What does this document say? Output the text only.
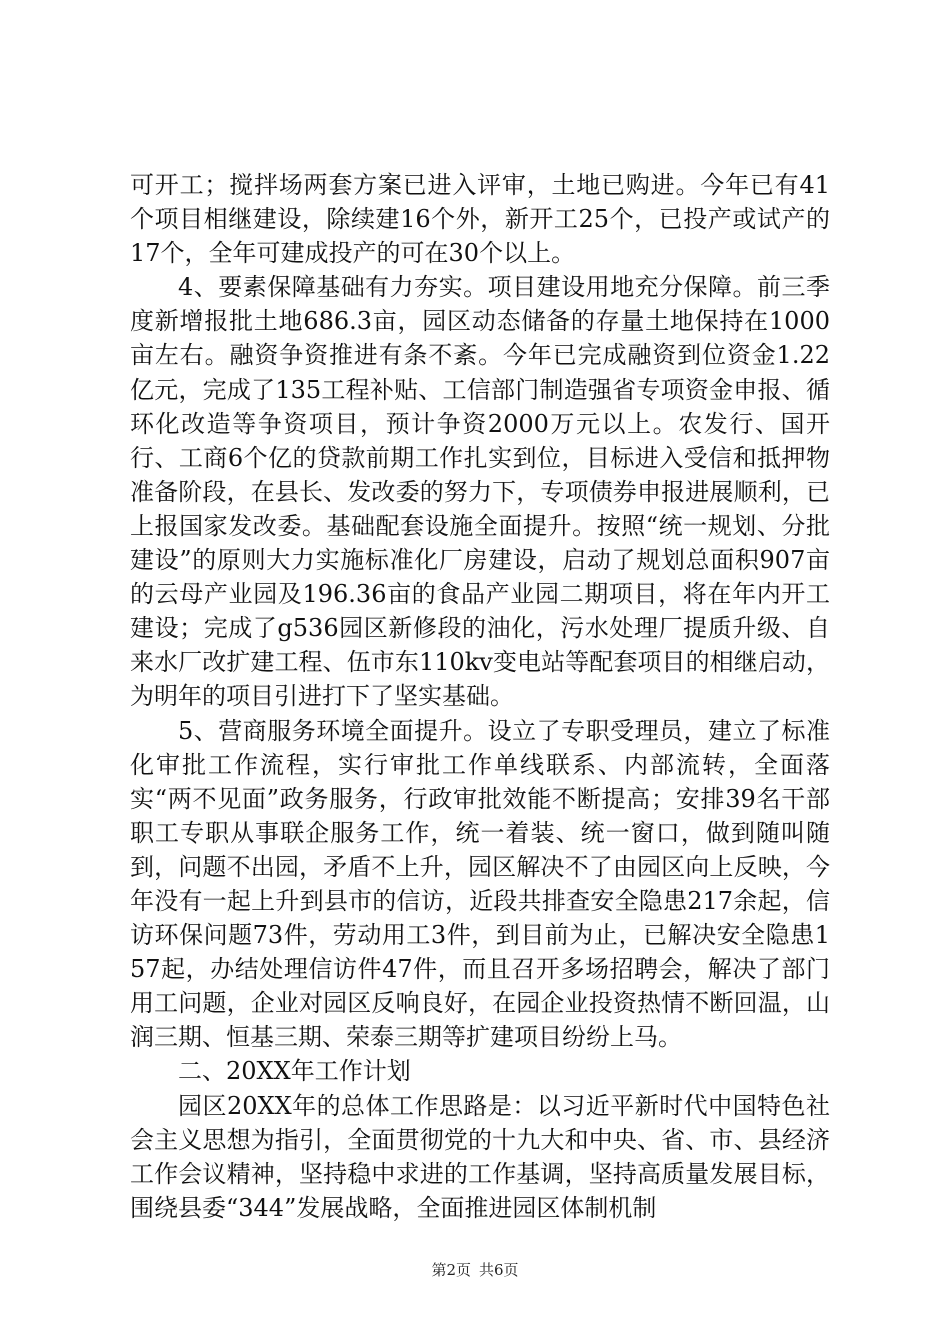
可开工；搅拌场两套方案已进入评审，土地已购进。今年已有41个项目相继建设，除续建16个外，新开工25个，已投产或试产的17个，全年可建成投产的可在30个以上。

4、要素保障基础有力夯实。项目建设用地充分保障。前三季度新增报批土地686.3亩，园区动态储备的存量土地保持在1000亩左右。融资争资推进有条不紊。今年已完成融资到位资金1.22亿元，完成了135工程补贴、工信部门制造强省专项资金申报、循环化改造等争资项目，预计争资2000万元以上。农发行、国开行、工商6个亿的贷款前期工作扎实到位，目标进入受信和抵押物准备阶段，在县长、发改委的努力下，专项债券申报进展顺利，已上报国家发改委。基础配套设施全面提升。按照“统一规划、分批建设”的原则大力实施标准化厂房建设，启动了规划总面积907亩的云母产业园及196.36亩的食品产业园二期项目，将在年内开工建设；完成了g536园区新修段的油化，污水处理厂提质升级、自来水厂改扩建工程、伍市东110kv变电站等配套项目的相继启动，为明年的项目引进打下了坚实基础。

5、营商服务环境全面提升。设立了专职受理员，建立了标准化审批工作流程，实行审批工作单线联系、内部流转，全面落实“两不见面”政务服务，行政审批效能不断提高；安排39名干部职工专职从事联企服务工作，统一着装、统一窗口，做到随叫随到，问题不出园，矛盾不上升，园区解决不了由园区向上反映，今年没有一起上升到县市的信访，近段共排查安全隐患217余起，信访环保问题73件，劳动用工3件，到目前为止，已解决安全隐患157起，办结处理信访件47件，而且召开多场招聘会，解决了部门用工问题，企业对园区反响良好，在园企业投资热情不断回温，山润三期、恒基三期、荣泰三期等扩建项目纷纷上马。

二、20XX年工作计划

园区20XX年的总体工作思路是：以习近平新时代中国特色社会主义思想为指引，全面贯彻党的十九大和中央、省、市、县经济工作会议精神，坚持稳中求进的工作基调，坚持高质量发展目标，围绕县委“344”发展战略，全面推进园区体制机制

第2页 共6页
